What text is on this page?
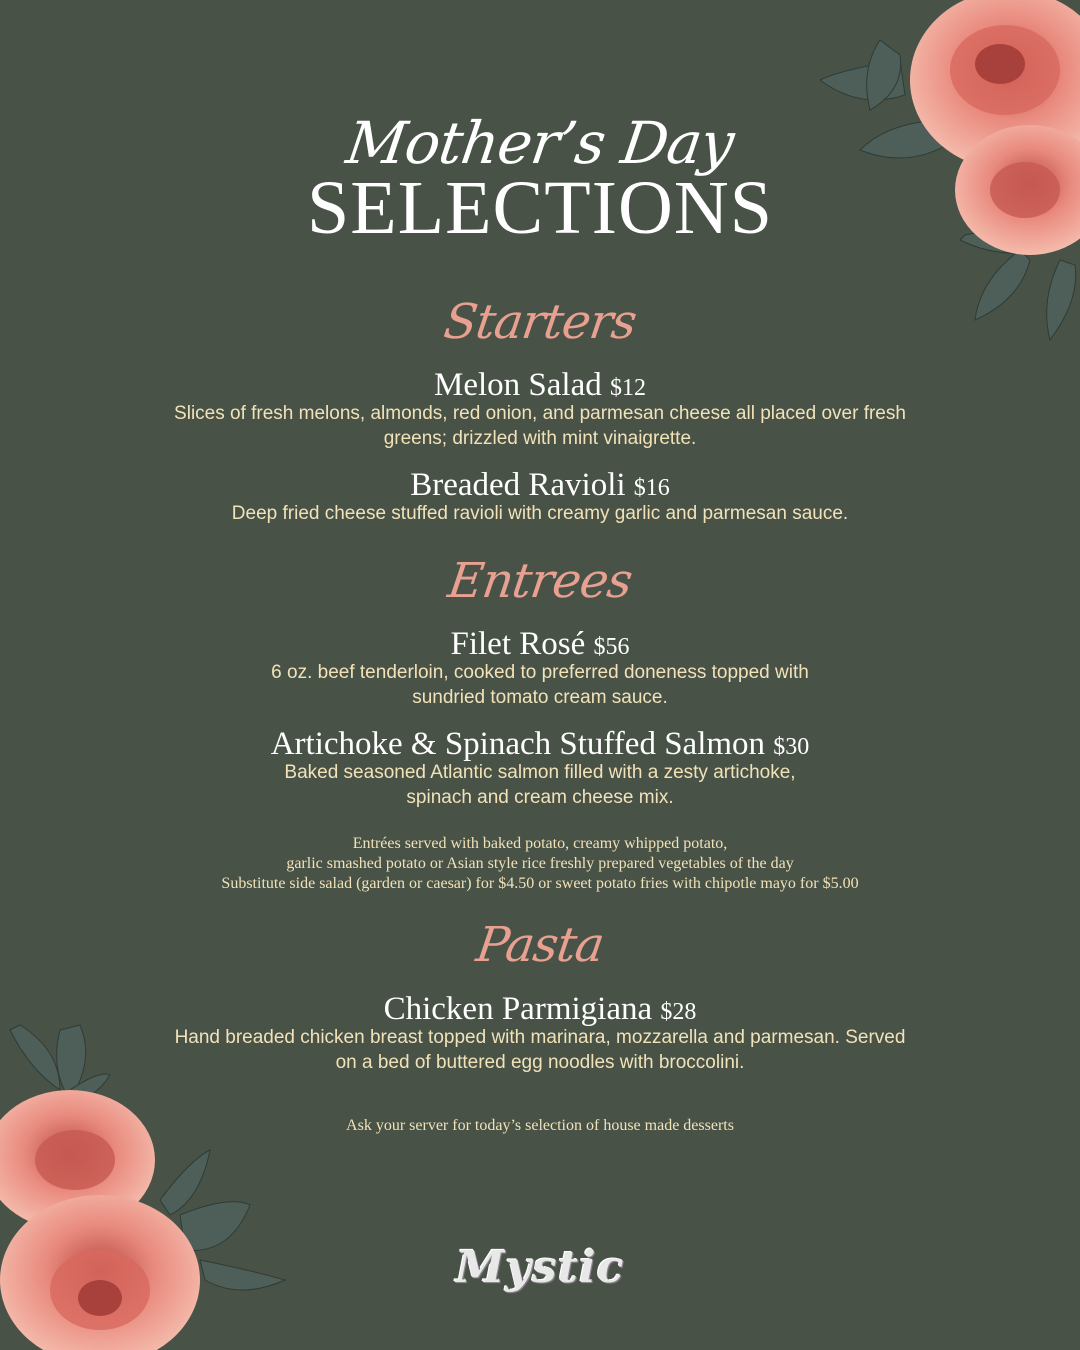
Mother’s Day
SELECTIONS
Starters
Melon Salad $12
Slices of fresh melons, almonds, red onion, and parmesan cheese all placed over fresh
greens; drizzled with mint vinaigrette.
Breaded Ravioli $16
Deep fried cheese stuffed ravioli with creamy garlic and parmesan sauce.
Entrees
Filet Rosé $56
6 oz. beef tenderloin, cooked to preferred doneness topped with
sundried tomato cream sauce.
Artichoke & Spinach Stuffed Salmon $30
Baked seasoned Atlantic salmon filled with a zesty artichoke,
spinach and cream cheese mix.
Entrées served with baked potato, creamy whipped potato,
garlic smashed potato or Asian style rice freshly prepared vegetables of the day
Substitute side salad (garden or caesar) for $4.50 or sweet potato fries with chipotle mayo for $5.00
Pasta
Chicken Parmigiana $28
Hand breaded chicken breast topped with marinara, mozzarella and parmesan. Served
on a bed of buttered egg noodles with broccolini.
Ask your server for today’s selection of house made desserts
Mystic
